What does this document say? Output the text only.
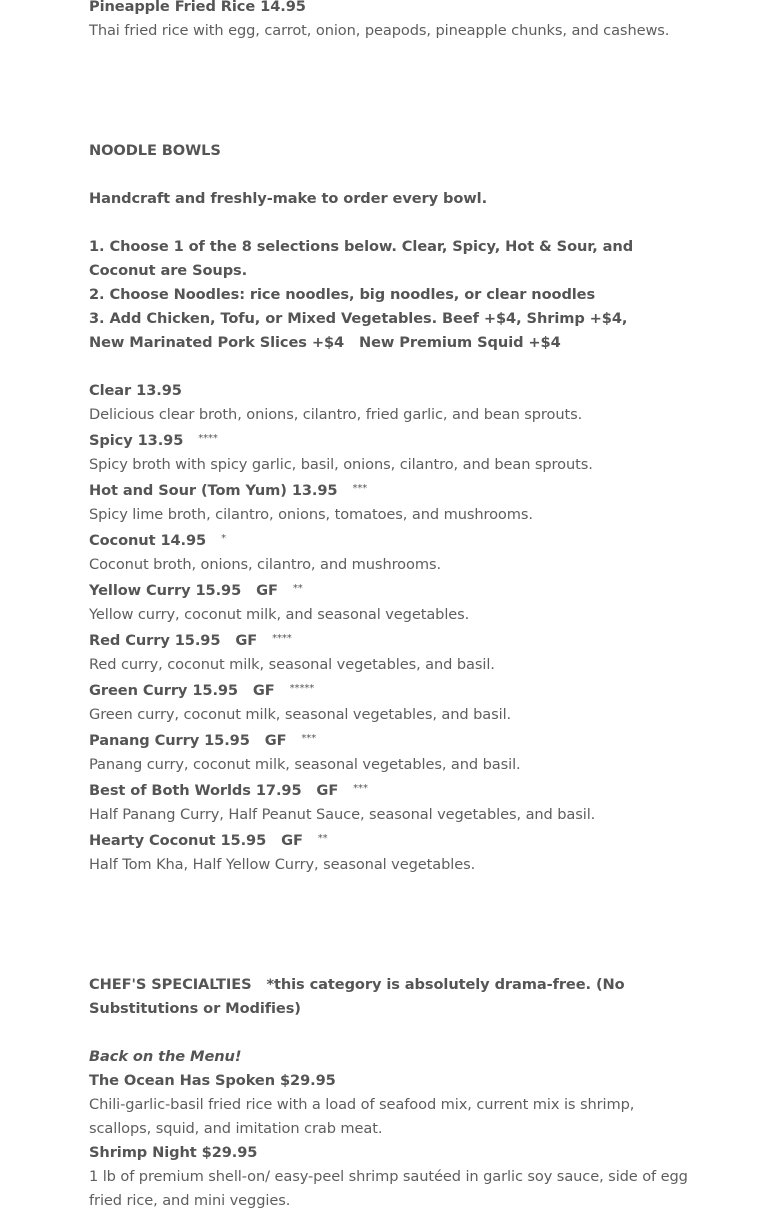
Pineapple Fried Rice 14.95
Thai fried rice with egg, carrot, onion, peapods, pineapple chunks, and cashews.
NOODLE BOWLS
Handcraft and freshly-make to order every bowl.
1. Choose 1 of the 8 selections below. Clear, Spicy, Hot & Sour, and Coconut are Soups.
2. Choose Noodles: rice noodles, big noodles, or clear noodles
3. Add Chicken, Tofu, or Mixed Vegetables. Beef +$4, Shrimp +$4,
New Marinated Pork Slices +$4   New Premium Squid +$4
Clear 13.95
Delicious clear broth, onions, cilantro, fried garlic, and bean sprouts.
Spicy 13.95 ****
Spicy broth with spicy garlic, basil, onions, cilantro, and bean sprouts.
Hot and Sour (Tom Yum) 13.95 ***
Spicy lime broth, cilantro, onions, tomatoes, and mushrooms.
Coconut 14.95 *
Coconut broth, onions, cilantro, and mushrooms.
Yellow Curry 15.95   GF **
Yellow curry, coconut milk, and seasonal vegetables.
Red Curry 15.95   GF ****
Red curry, coconut milk, seasonal vegetables, and basil.
Green Curry 15.95   GF *****
Green curry, coconut milk, seasonal vegetables, and basil.
Panang Curry 15.95   GF ***
Panang curry, coconut milk, seasonal vegetables, and basil.
Best of Both Worlds 17.95   GF ***
Half Panang Curry, Half Peanut Sauce, seasonal vegetables, and basil.
Hearty Coconut 15.95   GF **
Half Tom Kha, Half Yellow Curry, seasonal vegetables.
CHEF'S SPECIALTIES *this category is absolutely drama-free. (No Substitutions or Modifies)
Back on the Menu!
The Ocean Has Spoken $29.95
Chili-garlic-basil fried rice with a load of seafood mix, current mix is shrimp, scallops, squid, and imitation crab meat.
Shrimp Night $29.95
1 lb of premium shell-on/ easy-peel shrimp sautéed in garlic soy sauce, side of egg fried rice, and mini veggies.
